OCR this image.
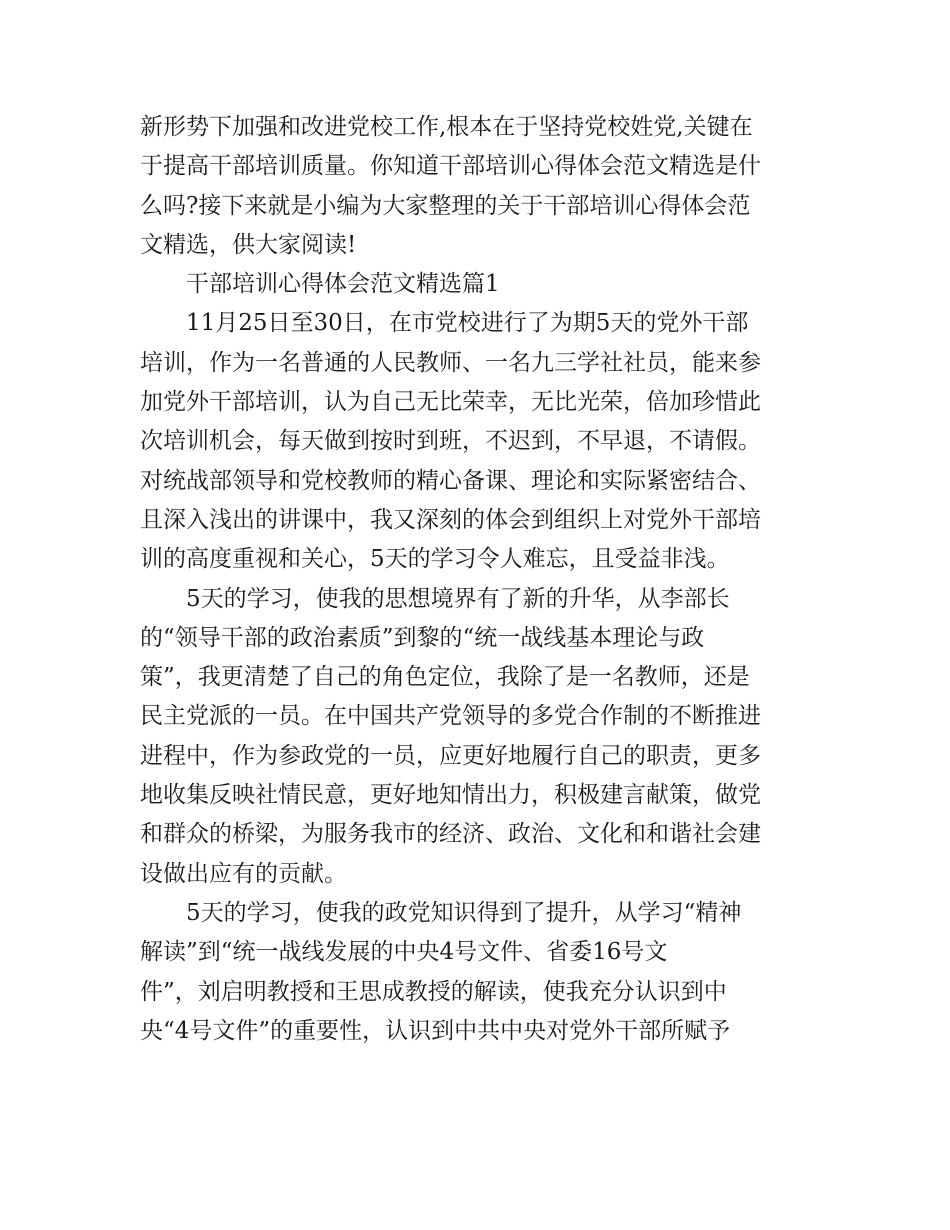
新形势下加强和改进党校工作,根本在于坚持党校姓党,关键在
于提高干部培训质量。你知道干部培训心得体会范文精选是什
么吗?接下来就是小编为大家整理的关于干部培训心得体会范
文精选，供大家阅读!
干部培训心得体会范文精选篇1
11月25日至30日，在市党校进行了为期5天的党外干部
培训，作为一名普通的人民教师、一名九三学社社员，能来参
加党外干部培训，认为自己无比荣幸，无比光荣，倍加珍惜此
次培训机会，每天做到按时到班，不迟到，不早退，不请假。
对统战部领导和党校教师的精心备课、理论和实际紧密结合、
且深入浅出的讲课中，我又深刻的体会到组织上对党外干部培
训的高度重视和关心，5天的学习令人难忘，且受益非浅。
5天的学习，使我的思想境界有了新的升华，从李部长
的“领导干部的政治素质”到黎的“统一战线基本理论与政
策”，我更清楚了自己的角色定位，我除了是一名教师，还是
民主党派的一员。在中国共产党领导的多党合作制的不断推进
进程中，作为参政党的一员，应更好地履行自己的职责，更多
地收集反映社情民意，更好地知情出力，积极建言献策，做党
和群众的桥梁，为服务我市的经济、政治、文化和和谐社会建
设做出应有的贡献。
5天的学习，使我的政党知识得到了提升，从学习“精神
解读”到“统一战线发展的中央4号文件、省委16号文
件”，刘启明教授和王思成教授的解读，使我充分认识到中
央“4号文件”的重要性，认识到中共中央对党外干部所赋予
